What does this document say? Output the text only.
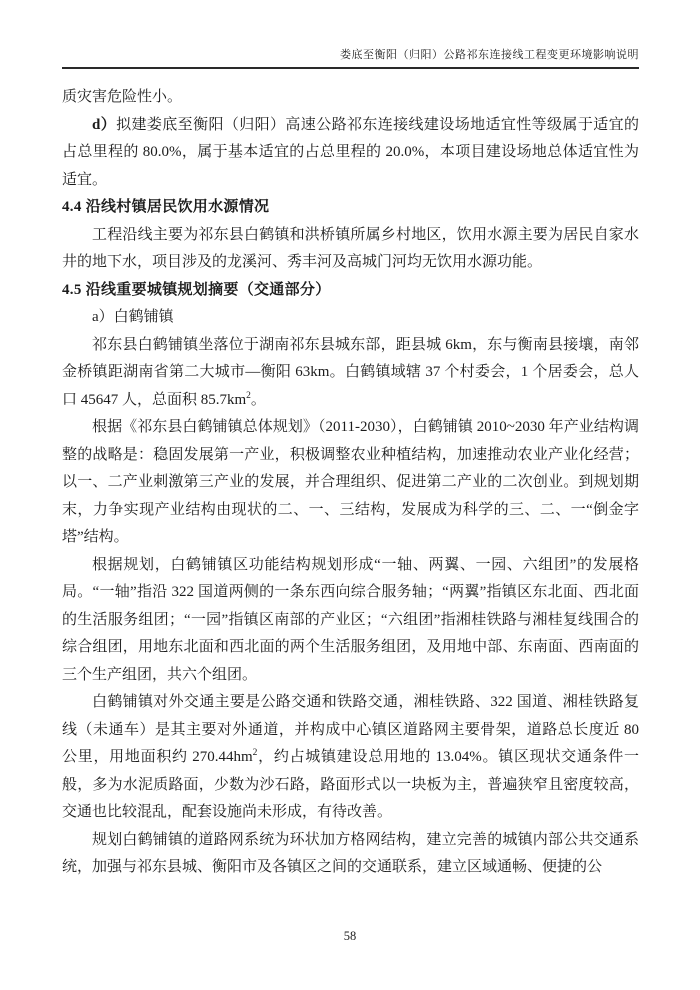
娄底至衡阳（归阳）公路祁东连接线工程变更环境影响说明

质灾害危险性小。

d）拟建娄底至衡阳（归阳）高速公路祁东连接线建设场地适宜性等级属于适宜的占总里程的 80.0%，属于基本适宜的占总里程的 20.0%，本项目建设场地总体适宜性为适宜。

4.4 沿线村镇居民饮用水源情况

工程沿线主要为祁东县白鹤镇和洪桥镇所属乡村地区，饮用水源主要为居民自家水井的地下水，项目涉及的龙溪河、秀丰河及高城门河均无饮用水源功能。

4.5 沿线重要城镇规划摘要（交通部分）

a）白鹤铺镇

祁东县白鹤铺镇坐落位于湖南祁东县城东部，距县城 6km，东与衡南县接壤，南邻金桥镇距湖南省第二大城市—衡阳 63km。白鹤镇域辖 37 个村委会，1 个居委会，总人口 45647 人，总面积 $85.7km^2$。

根据《祁东县白鹤铺镇总体规划》（2011-2030），白鹤铺镇 2010~2030 年产业结构调整的战略是：稳固发展第一产业，积极调整农业种植结构，加速推动农业产业化经营；以一、二产业刺激第三产业的发展，并合理组织、促进第二产业的二次创业。到规划期末，力争实现产业结构由现状的二、一、三结构，发展成为科学的三、二、一“倒金字塔”结构。

根据规划，白鹤铺镇区功能结构规划形成“一轴、两翼、一园、六组团”的发展格局。“一轴”指沿 322 国道两侧的一条东西向综合服务轴；“两翼”指镇区东北面、西北面的生活服务组团；“一园”指镇区南部的产业区；“六组团”指湘桂铁路与湘桂复线围合的综合组团，用地东北面和西北面的两个生活服务组团，及用地中部、东南面、西南面的三个生产组团，共六个组团。

白鹤铺镇对外交通主要是公路交通和铁路交通，湘桂铁路、322 国道、湘桂铁路复线（未通车）是其主要对外通道，并构成中心镇区道路网主要骨架，道路总长度近 80 公里，用地面积约 $270.44hm^2$，约占城镇建设总用地的 13.04%。镇区现状交通条件一般，多为水泥质路面，少数为沙石路，路面形式以一块板为主，普遍狭窄且密度较高，交通也比较混乱，配套设施尚未形成，有待改善。

规划白鹤铺镇的道路网系统为环状加方格网结构，建立完善的城镇内部公共交通系统，加强与祁东县城、衡阳市及各镇区之间的交通联系，建立区域通畅、便捷的公

58
